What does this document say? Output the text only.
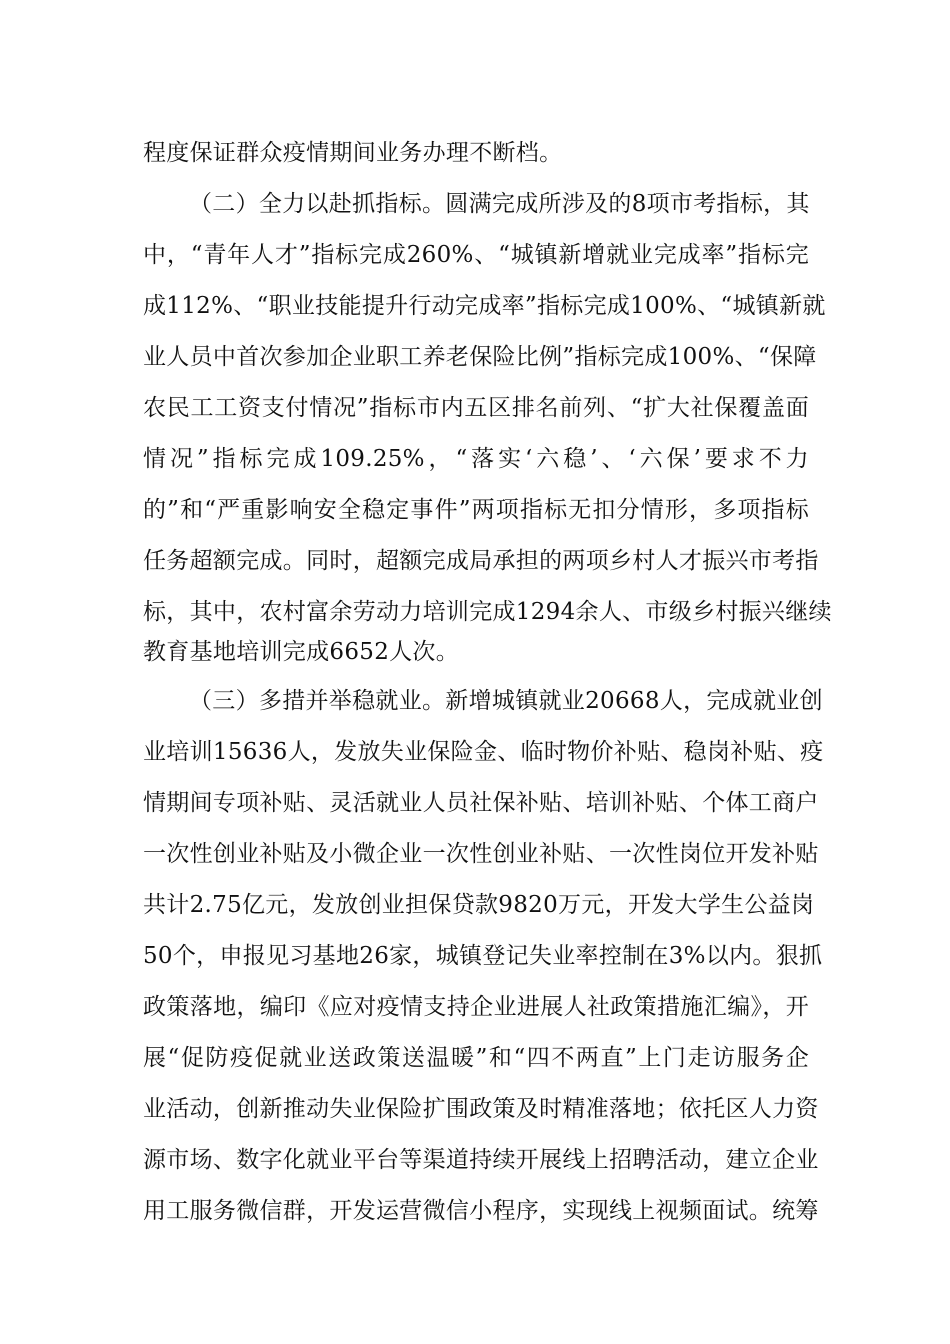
程度保证群众疫情期间业务办理不断档。
（二）全力以赴抓指标。圆满完成所涉及的8项市考指标，其
中，“青年人才”指标完成260%、“城镇新增就业完成率”指标完
成112%、“职业技能提升行动完成率”指标完成100%、“城镇新就
业人员中首次参加企业职工养老保险比例”指标完成100%、“保障
农民工工资支付情况”指标市内五区排名前列、“扩大社保覆盖面
情况”指标完成109.25%，“落实‘六稳’、‘六保’要求不力
的”和“严重影响安全稳定事件”两项指标无扣分情形，多项指标
任务超额完成。同时，超额完成局承担的两项乡村人才振兴市考指
标，其中，农村富余劳动力培训完成1294余人、市级乡村振兴继续
教育基地培训完成6652人次。
（三）多措并举稳就业。新增城镇就业20668人，完成就业创
业培训15636人，发放失业保险金、临时物价补贴、稳岗补贴、疫
情期间专项补贴、灵活就业人员社保补贴、培训补贴、个体工商户
一次性创业补贴及小微企业一次性创业补贴、一次性岗位开发补贴
共计2.75亿元，发放创业担保贷款9820万元，开发大学生公益岗
50个，申报见习基地26家，城镇登记失业率控制在3%以内。狠抓
政策落地，编印《应对疫情支持企业进展人社政策措施汇编》，开
展“促防疫促就业送政策送温暖”和“四不两直”上门走访服务企
业活动，创新推动失业保险扩围政策及时精准落地；依托区人力资
源市场、数字化就业平台等渠道持续开展线上招聘活动，建立企业
用工服务微信群，开发运营微信小程序，实现线上视频面试。统筹
